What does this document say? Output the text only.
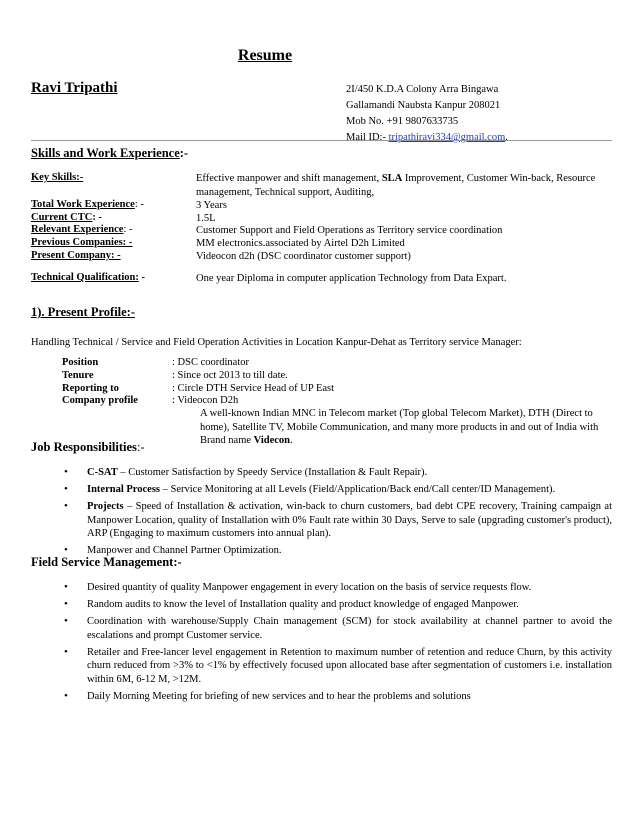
Resume
Ravi Tripathi	2I/450 K.D.A Colony Arra Bingawa
Gallamandi Naubsta Kanpur 208021
Mob No. +91 9807633735
Mail ID:- tripathiravi334@gmail.com.
Skills and Work Experience:-
Key Skills:-	Effective manpower and shift management, SLA Improvement, Customer Win-back, Resource management, Technical support, Auditing,
Total Work Experience: -	3 Years
Current CTC: -	1.5L
Relevant Experience: -	Customer Support and Field Operations as Territory service coordination
Previous Companies: -	MM electronics.associated by Airtel D2h Limited
Present Company: -	Videocon d2h (DSC coordinator customer support)
Technical Qualification: -	One year Diploma in computer application Technology from Data Expart.
1). Present Profile:-
Handling Technical / Service and Field Operation Activities in Location Kanpur-Dehat as Territory service Manager:
Position	: DSC coordinator
Tenure	: Since oct 2013 to till date.
Reporting to	: Circle DTH Service Head of UP East
Company profile	: Videocon D2h
A well-known Indian MNC in Telecom market (Top global Telecom Market), DTH (Direct to home), Satellite TV, Mobile Communication, and many more products in and out of India with Brand name Videcon.
Job Responsibilities:-
• C-SAT – Customer Satisfaction by Speedy Service (Installation & Fault Repair).
• Internal Process – Service Monitoring at all Levels (Field/Application/Back end/Call center/ID Management).
• Projects – Speed of Installation & activation, win-back to churn customers, bad debt CPE recovery, Training campaign at Manpower Location, quality of Installation with 0% Fault rate within 30 Days, Serve to sale (upgrading customer's product), ARP (Engaging to maximum customers into annual plan).
• Manpower and Channel Partner Optimization.
Field Service Management:-
• Desired quantity of quality Manpower engagement in every location on the basis of service requests flow.
• Random audits to know the level of Installation quality and product knowledge of engaged Manpower.
• Coordination with warehouse/Supply Chain management (SCM) for stock availability at channel partner to avoid the escalations and prompt Customer service.
• Retailer and Free-lancer level engagement in Retention to maximum number of retention and reduce Churn, by this activity churn reduced from >3% to <1% by effectively focused upon allocated base after segmentation of customers i.e. installation within 6M, 6-12 M, >12M.
• Daily Morning Meeting for briefing of new services and to hear the problems and solutions
